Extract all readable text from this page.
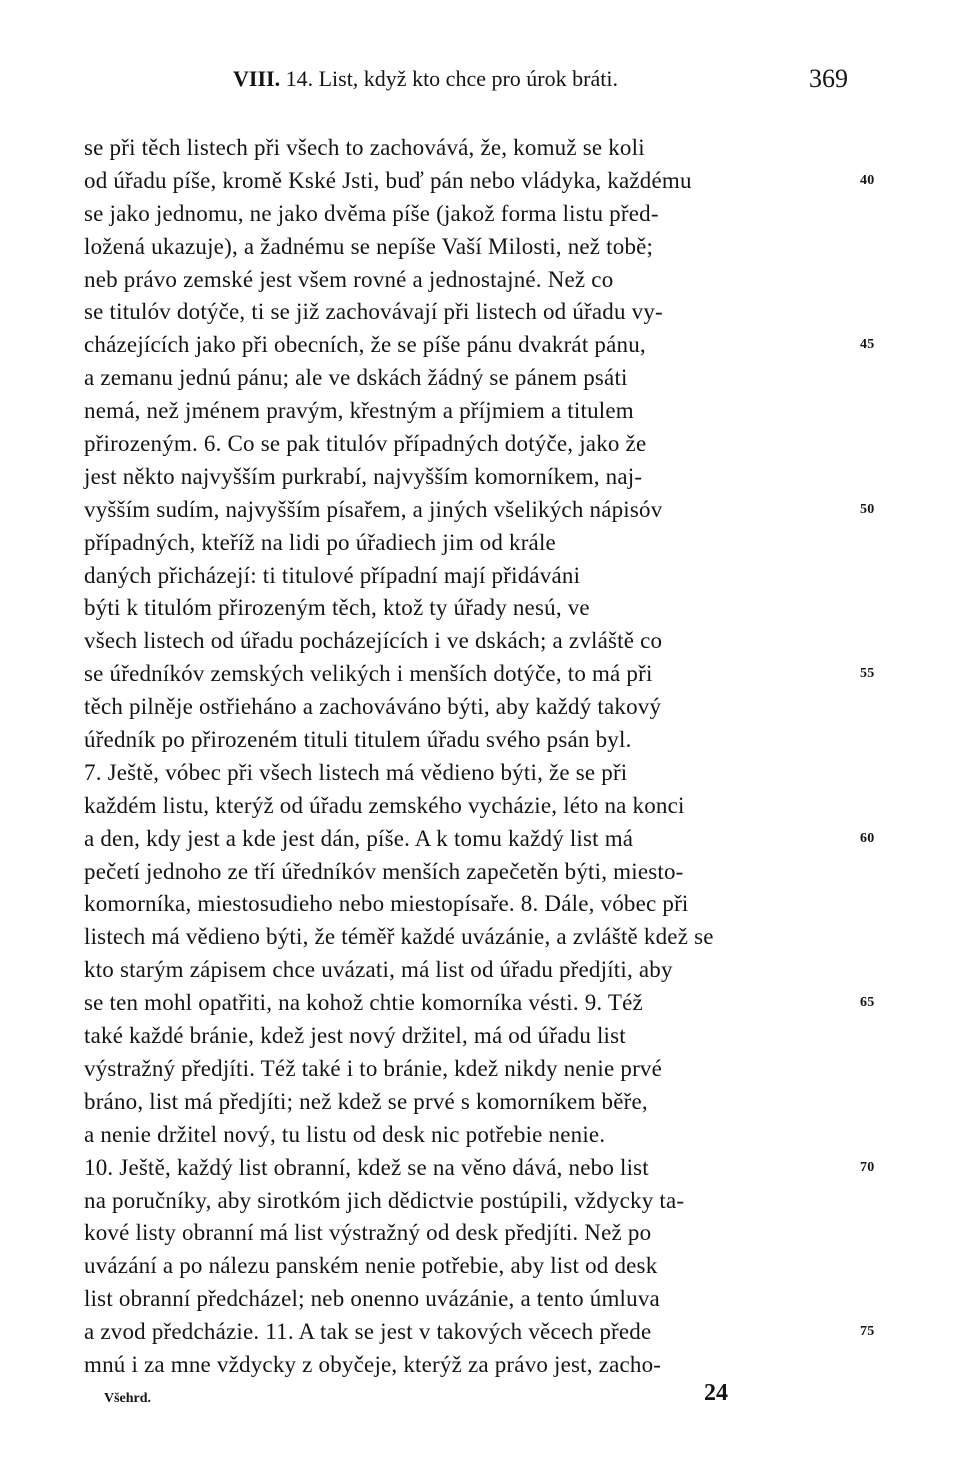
VIII. 14. List, když kto chce pro úrok bráti.	369
se při těch listech při všech to zachovává, že, komuž se koli
od úřadu píše, kromě Kské Jsti, buď pán nebo vládyka, každému	40
se jako jednomu, ne jako dvěma píše (jakož forma listu před-
ložená ukazuje), a žadnému se nepíše Vaší Milosti, než tobě;
neb právo zemské jest všem rovné a jednostajné. Než co
se titulóv dotýče, ti se již zachovávají při listech od úřadu vy-
cházejících jako při obecních, že se píše pánu dvakrát pánu,	45
a zemanu jednú pánu; ale ve dskách žádný se pánem psáti
nemá, než jménem pravým, křestným a příjmiem a titulem
přirozeným. 6. Co se pak titulóv případných dotýče, jako že
jest někto najvyšším purkrabí, najvyšším komorníkem, naj-
vyšším sudím, najvyšším písařem, a jiných všelikých nápisóv	50
případných, kteříž na lidi po úřadiech jim od krále
daných přicházejí: ti titulové případní mají přidáváni
býti k titulóm přirozeným těch, ktož ty úřady nesú, ve
všech listech od úřadu pocházejících i ve dskách; a zvláště co
se úředníkóv zemských velikých i menších dotýče, to má při	55
těch pilněje ostřieháno a zachováváno býti, aby každý takový
úředník po přirozeném tituli titulem úřadu svého psán byl.
7. Ještě, vóbec při všech listech má vědieno býti, že se při
každém listu, kterýž od úřadu zemského vycházie, léto na konci
a den, kdy jest a kde jest dán, píše. A k tomu každý list má	60
pečetí jednoho ze tří úředníkóv menších zapečetěn býti, miesto-
komorníka, miestosudieho nebo miestopísaře. 8. Dále, vóbec při
listech má vědieno býti, že téměř každé uvázánie, a zvláště kdež se
kto starým zápisem chce uvázati, má list od úřadu předjíti, aby
se ten mohl opatřiti, na kohož chtie komorníka vésti. 9. Též	65
také každé bránie, kdež jest nový držitel, má od úřadu list
výstražný předjíti. Též také i to bránie, kdež nikdy nenie prvé
bráno, list má předjíti; než kdež se prvé s komorníkem běře,
a nenie držitel nový, tu listu od desk nic potřebie nenie.
10. Ještě, každý list obranní, kdež se na věno dává, nebo list	70
na poručníky, aby sirotkóm jich dědictvie postúpili, vždycky ta-
kové listy obranní má list výstražný od desk předjíti. Než po
uvázání a po nálezu panském nenie potřebie, aby list od desk
list obranní předcházel; neb onenno uvázánie, a tento úmluva
a zvod předcházie. 11. A tak se jest v takových věcech přede	75
mnú i za mne vždycky z obyčeje, kterýž za právo jest, zacho-
Všehrd.	24
